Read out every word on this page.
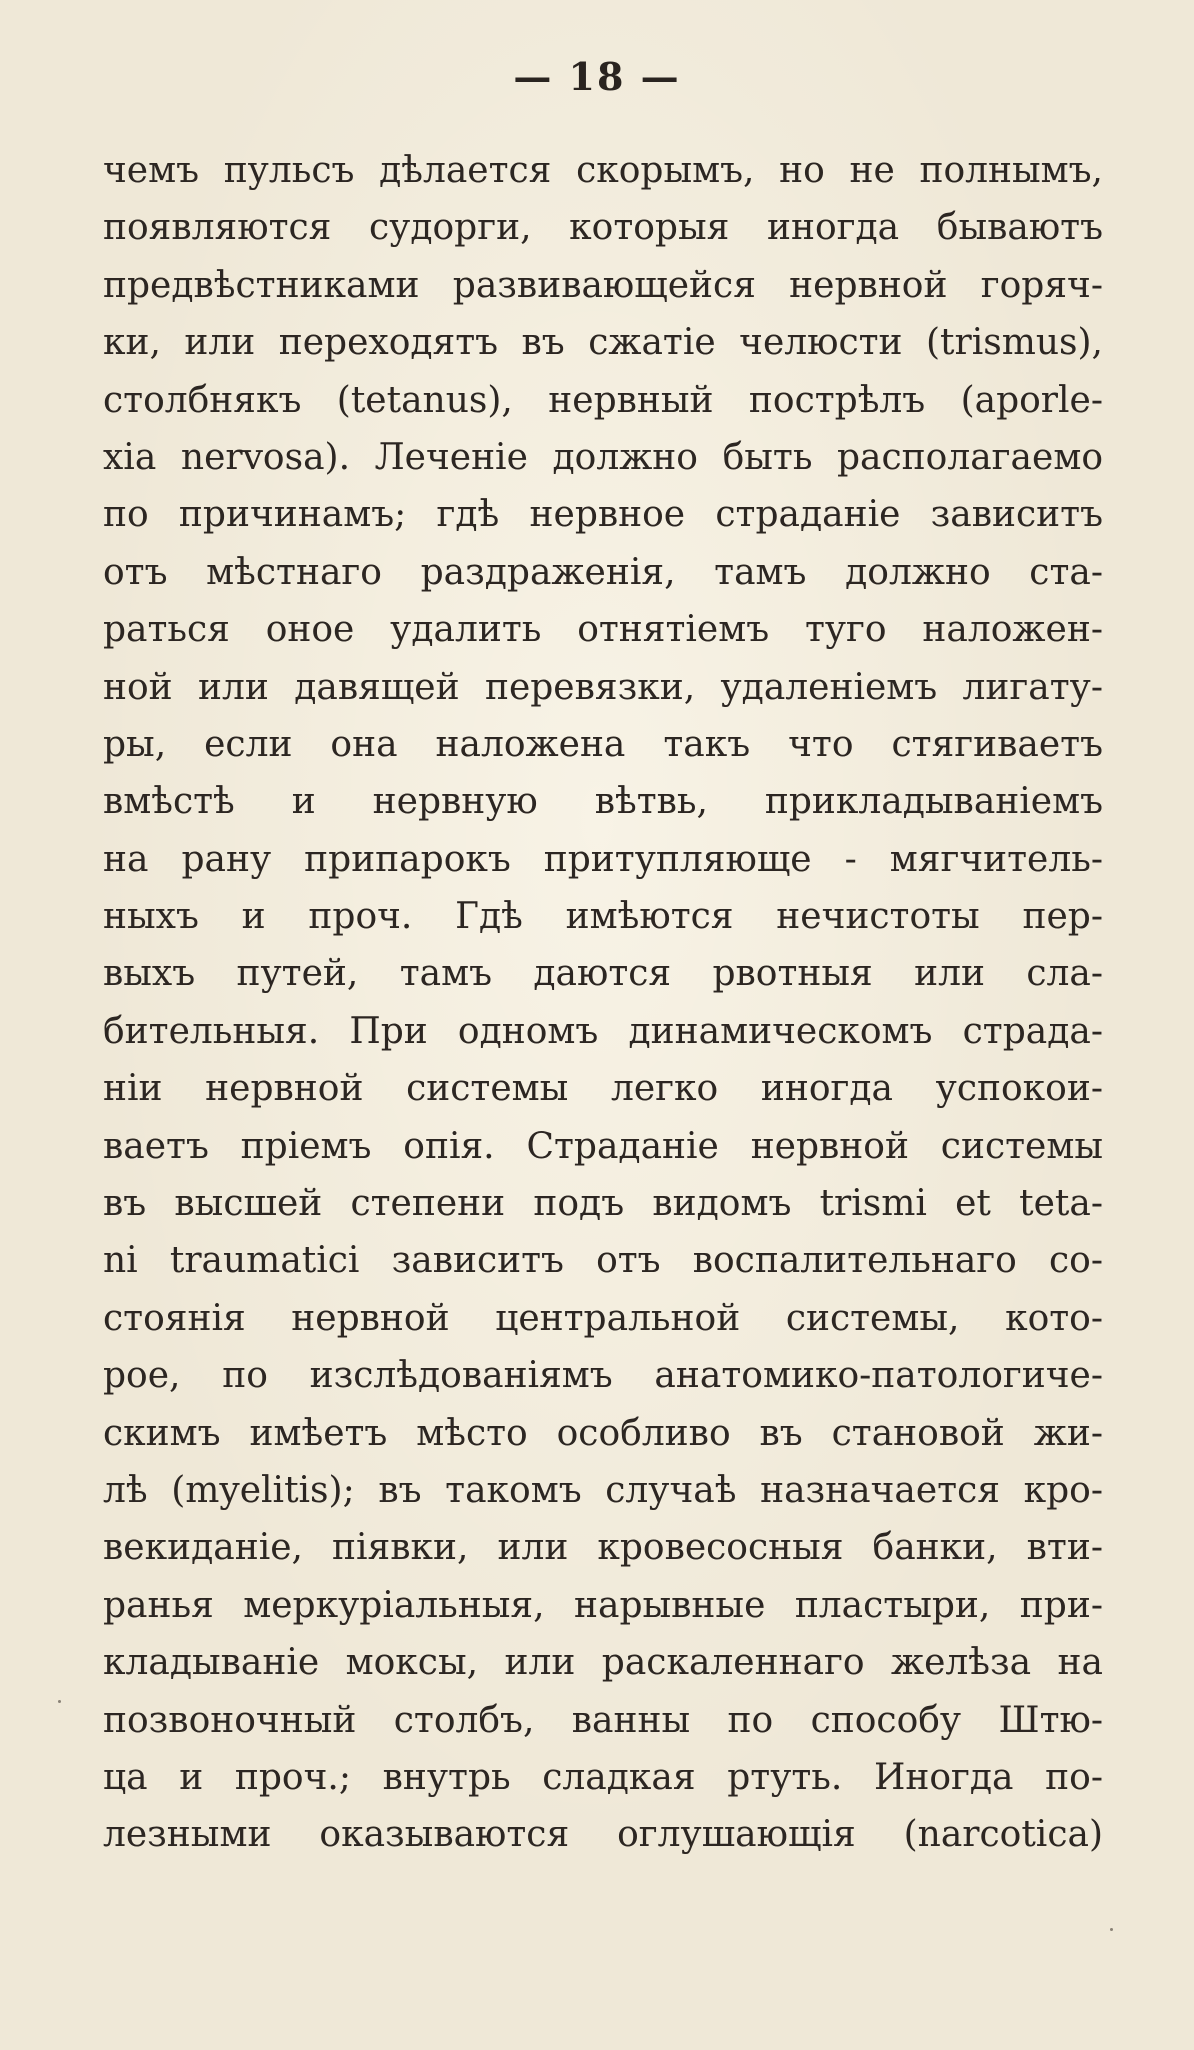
— 18 —
чемъ пульсъ дѣлается скорымъ, но не полнымъ,
появляются судорги, которыя иногда бываютъ
предвѣстниками развивающейся нервной горяч-
ки, или переходятъ въ сжатіе челюсти (trismus),
столбнякъ (tetanus), нервный пострѣлъ (aporle-
xia nervosa). Леченіе должно быть располагаемо
по причинамъ; гдѣ нервное страданіе зависитъ
отъ мѣстнаго раздраженія, тамъ должно ста-
раться оное удалить отнятіемъ туго наложен-
ной или давящей перевязки, удаленіемъ лигату-
ры, если она наложена такъ что стягиваетъ
вмѣстѣ и нервную вѣтвь, прикладываніемъ
на рану припарокъ притупляюще - мягчитель-
ныхъ и проч. Гдѣ имѣются нечистоты пер-
выхъ путей, тамъ даются рвотныя или сла-
бительныя. При одномъ динамическомъ страда-
ніи нервной системы легко иногда успокои-
ваетъ пріемъ опія. Страданіе нервной системы
въ высшей степени подъ видомъ trismi et teta-
ni traumatici зависитъ отъ воспалительнаго со-
стоянія нервной центральной системы, кото-
рое, по изслѣдованіямъ анатомико-патологиче-
скимъ имѣетъ мѣсто особливо въ становой жи-
лѣ (myelitis); въ такомъ случаѣ назначается кро-
векиданіе, піявки, или кровесосныя банки, вти-
ранья меркуріальныя, нарывные пластыри, при-
кладываніе моксы, или раскаленнаго желѣза на
позвоночный столбъ, ванны по способу Штю-
ца и проч.; внутрь сладкая ртуть. Иногда по-
лезными оказываются оглушающія (narcotica)
